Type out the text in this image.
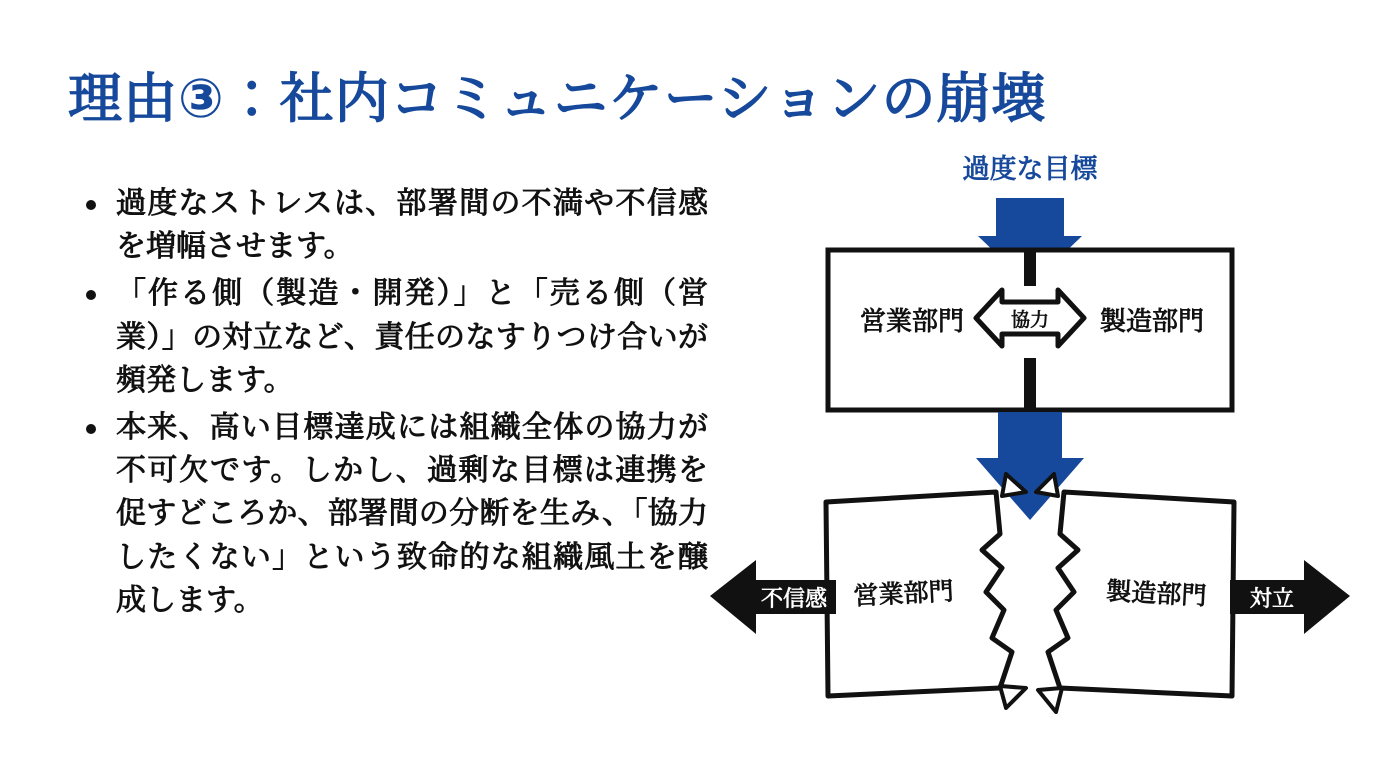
理由③：社内コミュニケーションの崩壊
過度なストレスは、部署間の不満や不信感を増幅させます。
「作る側（製造・開発）」と「売る側（営業）」の対立など、責任のなすりつけ合いが頻発します。
本来、高い目標達成には組織全体の協力が不可欠です。しかし、過剰な目標は連携を促すどころか、部署間の分断を生み、「協力したくない」という致命的な組織風土を醸成します。
過度な目標
協力
営業部門	製造部門
営業部門	製造部門
不信感	対立
